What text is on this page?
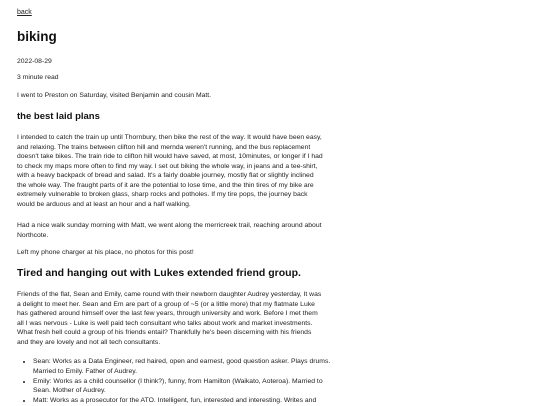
back
biking
2022-08-29
3 minute read

I went to Preston on Saturday, visited Benjamin and cousin Matt.

the best laid plans

I intended to catch the train up until Thornbury, then bike the rest of the way. It would have been easy, and relaxing. The trains between clifton hill and mernda weren't running, and the bus replacement doesn't take bikes. The train ride to clifton hill would have saved, at most, 10minutes, or longer if I had to check my maps more often to find my way. I set out biking the whole way, in jeans and a tee-shirt, with a heavy backpack of bread and salad. It's a fairly doable journey, mostly flat or slightly inclined the whole way. The fraught parts of it are the potential to lose time, and the thin tires of my bike are extremely vulnerable to broken glass, sharp rocks and potholes. If my tire pops, the journey back would be arduous and at least an hour and a half walking.

Had a nice walk sunday morning with Matt, we went along the merricreek trail, reaching around about Northcote.

Left my phone charger at his place, no photos for this post!

Tired and hanging out with Lukes extended friend group.

Friends of the flat, Sean and Emily, came round with their newborn daughter Audrey yesterday, It was a delight to meet her. Sean and Em are part of a group of ~5 (or a little more) that my flatmate Luke has gathered around himself over the last few years, through university and work. Before I met them all I was nervous - Luke is well paid tech consultant who talks about work and market investments. What fresh hell could a group of his friends entail? Thankfully he's been discerning with his friends and they are lovely and not all tech consultants.

• Sean: Works as a Data Engineer, red haired, open and earnest, good question asker. Plays drums. Married to Emily. Father of Audrey.
• Emily: Works as a child counsellor (I think?), funny, from Hamilton (Waikato, Aoteroa). Married to Sean. Mother of Audrey.
• Matt: Works as a prosecutor for the ATO. Intelligent, fun, interested and interesting. Writes and
